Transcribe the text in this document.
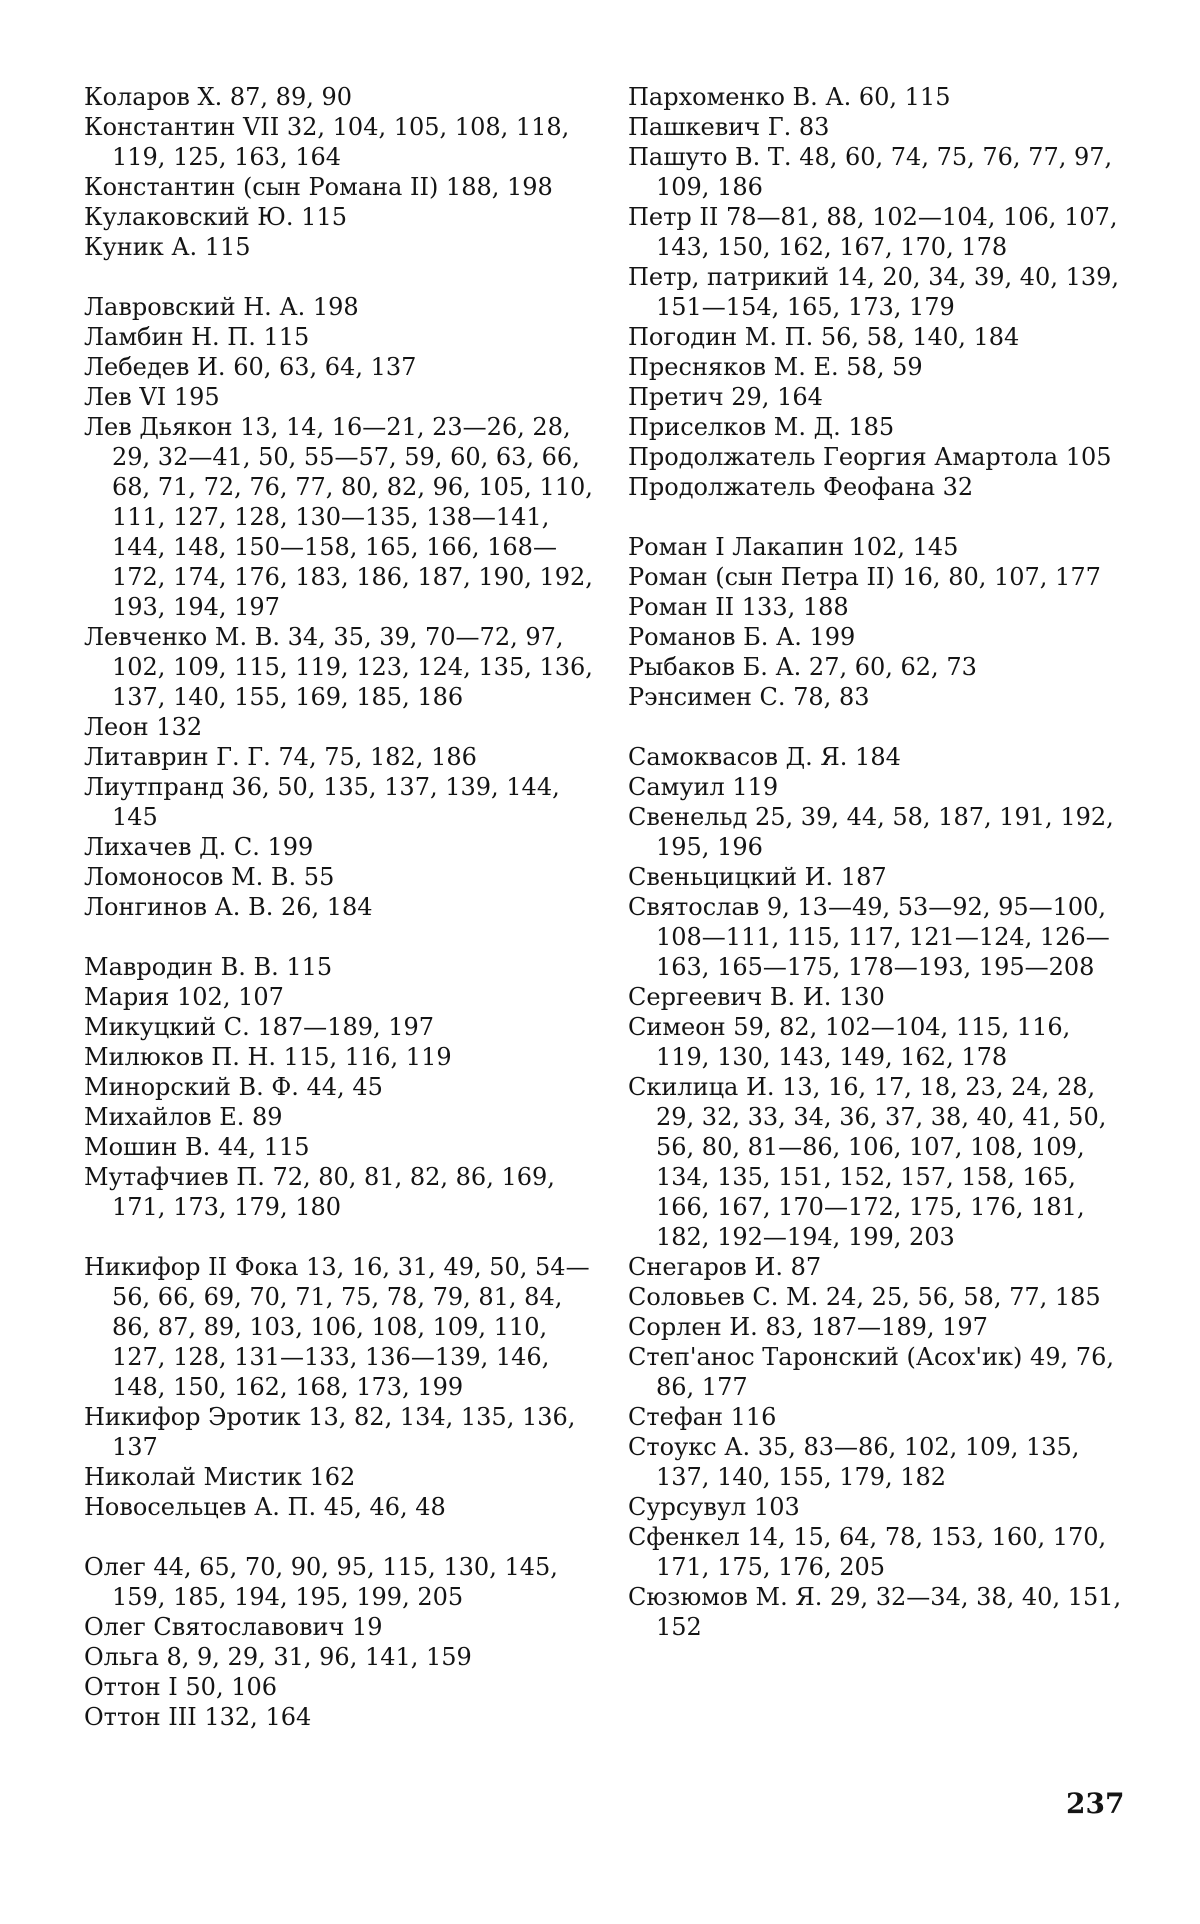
Коларов Х. 87, 89, 90

Константин VII 32, 104, 105, 108, 118, 119, 125, 163, 164

Константин (сын Романа II) 188, 198

Кулаковский Ю. 115

Куник А. 115

Лавровский Н. А. 198

Ламбин Н. П. 115

Лебедев И. 60, 63, 64, 137

Лев VI 195

Лев Дьякон 13, 14, 16—21, 23—26, 28, 29, 32—41, 50, 55—57, 59, 60, 63, 66, 68, 71, 72, 76, 77, 80, 82, 96, 105, 110, 111, 127, 128, 130—135, 138—141, 144, 148, 150—158, 165, 166, 168—172, 174, 176, 183, 186, 187, 190, 192, 193, 194, 197

Левченко М. В. 34, 35, 39, 70—72, 97, 102, 109, 115, 119, 123, 124, 135, 136, 137, 140, 155, 169, 185, 186

Леон 132

Литаврин Г. Г. 74, 75, 182, 186

Лиутпранд 36, 50, 135, 137, 139, 144, 145

Лихачев Д. С. 199

Ломоносов М. В. 55

Лонгинов А. В. 26, 184

Мавродин В. В. 115

Мария 102, 107

Микуцкий С. 187—189, 197

Милюков П. Н. 115, 116, 119

Минорский В. Ф. 44, 45

Михайлов Е. 89

Мошин В. 44, 115

Мутафчиев П. 72, 80, 81, 82, 86, 169, 171, 173, 179, 180

Никифор II Фока 13, 16, 31, 49, 50, 54—56, 66, 69, 70, 71, 75, 78, 79, 81, 84, 86, 87, 89, 103, 106, 108, 109, 110, 127, 128, 131—133, 136—139, 146, 148, 150, 162, 168, 173, 199

Никифор Эротик 13, 82, 134, 135, 136, 137

Николай Мистик 162

Новосельцев А. П. 45, 46, 48

Олег 44, 65, 70, 90, 95, 115, 130, 145, 159, 185, 194, 195, 199, 205

Олег Святославович 19

Ольга 8, 9, 29, 31, 96, 141, 159

Оттон I 50, 106

Оттон III 132, 164

Пархоменко В. А. 60, 115

Пашкевич Г. 83

Пашуто В. Т. 48, 60, 74, 75, 76, 77, 97, 109, 186

Петр II 78—81, 88, 102—104, 106, 107, 143, 150, 162, 167, 170, 178

Петр, патрикий 14, 20, 34, 39, 40, 139, 151—154, 165, 173, 179

Погодин М. П. 56, 58, 140, 184

Пресняков М. Е. 58, 59

Претич 29, 164

Приселков М. Д. 185

Продолжатель Георгия Амартола 105

Продолжатель Феофана 32

Роман I Лакапин 102, 145

Роман (сын Петра II) 16, 80, 107, 177

Роман II 133, 188

Романов Б. А. 199

Рыбаков Б. А. 27, 60, 62, 73

Рэнсимен С. 78, 83

Самоквасов Д. Я. 184

Самуил 119

Свенельд 25, 39, 44, 58, 187, 191, 192, 195, 196

Свеньцицкий И. 187

Святослав 9, 13—49, 53—92, 95—100, 108—111, 115, 117, 121—124, 126—163, 165—175, 178—193, 195—208

Сергеевич В. И. 130

Симеон 59, 82, 102—104, 115, 116, 119, 130, 143, 149, 162, 178

Скилица И. 13, 16, 17, 18, 23, 24, 28, 29, 32, 33, 34, 36, 37, 38, 40, 41, 50, 56, 80, 81—86, 106, 107, 108, 109, 134, 135, 151, 152, 157, 158, 165, 166, 167, 170—172, 175, 176, 181, 182, 192—194, 199, 203

Снегаров И. 87

Соловьев С. М. 24, 25, 56, 58, 77, 185

Сорлен И. 83, 187—189, 197

Степ'анос Таронский (Асох'ик) 49, 76, 86, 177

Стефан 116

Стоукс А. 35, 83—86, 102, 109, 135, 137, 140, 155, 179, 182

Сурсувул 103

Сфенкел 14, 15, 64, 78, 153, 160, 170, 171, 175, 176, 205

Сюзюмов М. Я. 29, 32—34, 38, 40, 151, 152

237
